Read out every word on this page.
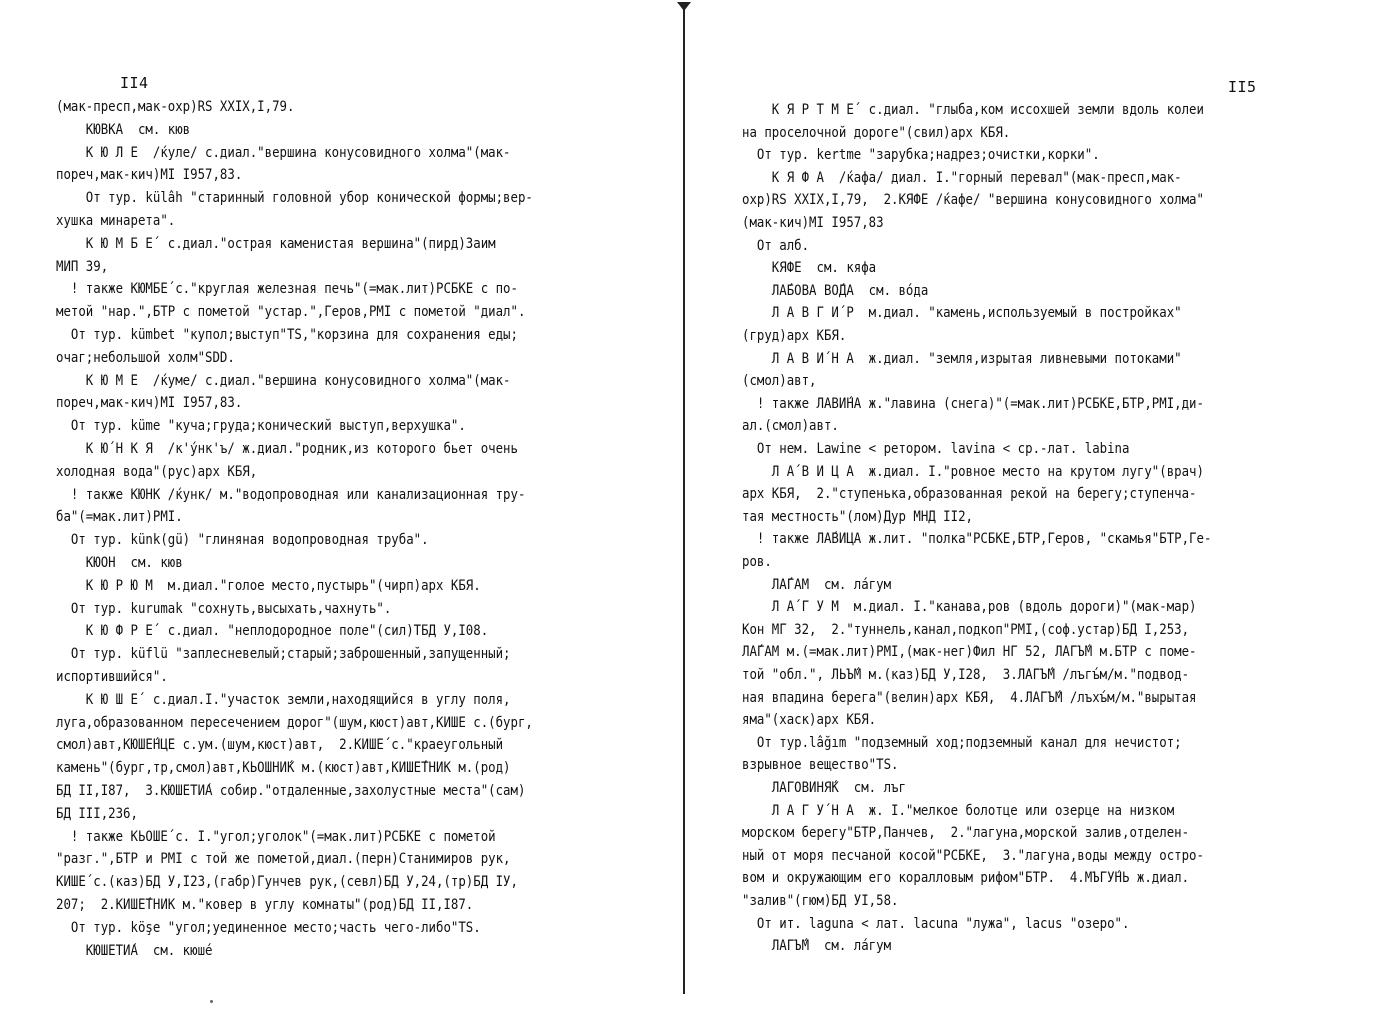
II4
(мак-пресп,мак-охр)RS XXIX,I,79.
КЮВКА  см. кюв
К Ю Л Е  /ќуле/ с.диал."вершина конусовидного холма"(мак-
пореч,мак-кич)МI I957,83.
От тур. külâh "старинный головной убор конической формы;вер-
хушка минарета".
К Ю М Б Е́  с.диал."острая каменистая вершина"(пирд)Заим
МИП 39,
! также КЮМБЕ́ с."круглая железная печь"(=мак.лит)РСБКЕ с по-
метой "нар.",БТР с пометой "устар.",Геров,РМI с пометой "диал".
От тур. kümbet "купол;выступ"TS,"корзина для сохранения еды;
очаг;небольшой холм"SDD.
К Ю М Е  /ќуме/ с.диал."вершина конусовидного холма"(мак-
пореч,мак-кич)МI I957,83.
От тур. küme "куча;груда;конический выступ,верхушка".
К Ю́ Н К Я  /к'ýнк'ъ/ ж.диал."родник,из которого бьет очень
холодная вода"(рус)арх КБЯ,
! также КЮНК /ќунк/ м."водопроводная или канализационная тру-
ба"(=мак.лит)РМI.
От тур. künk(gü) "глиняная водопроводная труба".
КЮОН  см. кюв
К Ю Р Ю М  м.диал."голое место,пустырь"(чирп)арх КБЯ.
От тур. kurumak "сохнуть,высыхать,чахнуть".
К Ю Ф Р Е́  с.диал. "неплодородное поле"(сил)ТБД У,I08.
От тур. küflü "заплесневелый;старый;заброшенный,запущенный;
испортившийся".
К Ю Ш Е́  с.диал.I."участок земли,находящийся в углу поля,
луга,образованном пересечением дорог"(шум,кюст)авт,КИШЕ с.(бург,
смол)авт,КЮШЕ́НЦЕ с.ум.(шум,кюст)авт,  2.КИШЕ́ с."краеугольный
камень"(бург,тр,смол)авт,КЬОШНИ́К м.(кюст)авт,КИШЕ́ТНИК м.(род)
БД II,I87,  3.КЮШЕТИ́А собир."отдаленные,захолустные места"(сам)
БД III,236,
! также КЬОШЕ́ с. I."угол;уголок"(=мак.лит)РСБКЕ с пометой
"разг.",БТР и РМI с той же пометой,диал.(перн)Станимиров рук,
КИШЕ́ с.(каз)БД У,I23,(габр)Гунчев рук,(севл)БД У,24,(тр)БД IУ,
207;  2.КИШЕ́ТНИК м."ковер в углу комнаты"(род)БД II,I87.
От тур. köşe "угол;уединенное место;часть чего-либо"TS.
КЮШЕТИ́А  см. кюше́
II5
К Я Р Т М Е́  с.диал. "глыба,ком иссохшей земли вдоль колеи
на проселочной дороге"(свил)арх КБЯ.
От тур. kertme "зарубка;надрез;очистки,корки".
К Я Ф А  /ќафа/ диал. I."горный перевал"(мак-пресп,мак-
охр)RS XXIX,I,79,  2.КЯФЕ /ќафе/ "вершина конусовидного холма"
(мак-кич)МI I957,83
От алб.
КЯФЕ  см. кяфа
ЛА́БОВА ВО́ДА  см. во́да
Л А В Г И́ Р  м.диал. "камень,используемый в постройках"
(груд)арх КБЯ.
Л А В И́ Н А  ж.диал. "земля,изрытая ливневыми потоками"
(смол)авт,
! также ЛАВИ́НА ж."лавина (снега)"(=мак.лит)РСБКЕ,БТР,РМI,ди-
ал.(смол)авт.
От нем. Lawine < ретором. lavina < ср.-лат. labina
Л А́ В И Ц А  ж.диал. I."ровное место на крутом лугу"(врач)
арх КБЯ,  2."ступенька,образованная рекой на берегу;ступенча-
тая местность"(лом)Дур МНД II2,
! также ЛА́ВИЦА ж.лит. "полка"РСБКЕ,БТР,Геров, "скамья"БТР,Ге-
ров.
ЛА́ГАМ  см. ла́гум
Л А́ Г У М  м.диал. I."канава,ров (вдоль дороги)"(мак-мар)
Кон МГ 32,  2."туннель,канал,подкоп"РМI,(соф.устар)БД I,253,
ЛА́ГАМ м.(=мак.лит)РМI,(мак-нег)Фил НГ 52, ЛАГЪ́М м.БТР с поме-
той "обл.", ЛЬЪ́М м.(каз)БД У,I28,  3.ЛАГЪ́М /лъгъ́м/м."подвод-
ная впадина берега"(велин)арх КБЯ,  4.ЛАГЪ́М /лъхъ́м/м."вырытая
яма"(хаск)арх КБЯ.
От тур.lâğım "подземный ход;подземный канал для нечистот;
взрывное вещество"TS.
ЛАГОВИНЯ́К  см. лъг
Л А Г У́ Н А  ж. I."мелкое болотце или озерце на низком
морском берегу"БТР,Панчев,  2."лагуна,морской залив,отделен-
ный от моря песчаной косой"РСБКЕ,  3."лагуна,воды между остро-
вом и окружающим его коралловым рифом"БТР.  4.МЪГУ́НЬ ж.диал.
"залив"(гюм)БД УI,58.
От ит. laguna < лат. lacuna "лужа", lacus "озеро".
ЛАГЪ́М  см. ла́гум
